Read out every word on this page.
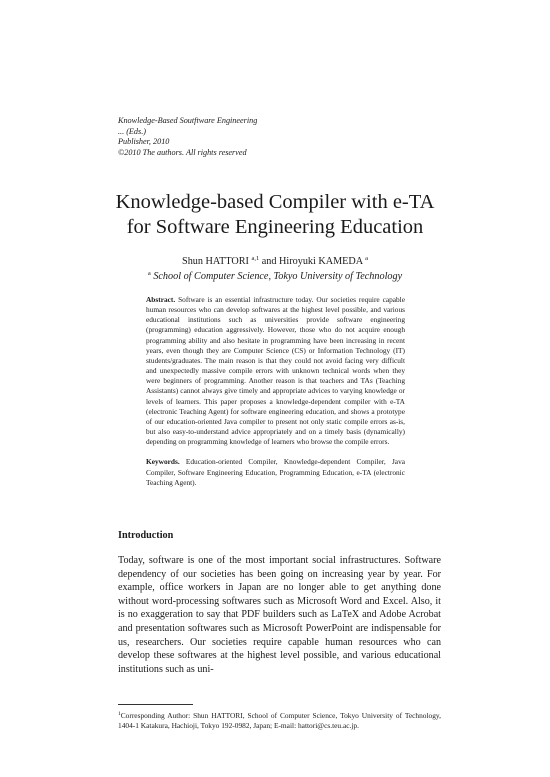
Knowledge-Based Soutftware Engineering
... (Eds.)
Publisher, 2010
©2010 The authors. All rights reserved
Knowledge-based Compiler with e-TA
for Software Engineering Education
Shun HATTORI $^{a,1}$ and Hiroyuki KAMEDA $^a$
$^a$ School of Computer Science, Tokyo University of Technology

Abstract. Software is an essential infrastructure today. Our societies require capable human resources who can develop softwares at the highest level possible, and various educational institutions such as universities provide software engineering (programming) education aggressively. However, those who do not acquire enough programming ability and also hesitate in programming have been increasing in recent years, even though they are Computer Science (CS) or Information Technology (IT) students/graduates. The main reason is that they could not avoid facing very difficult and unexpectedly massive compile errors with unknown technical words when they were beginners of programming. Another reason is that teachers and TAs (Teaching Assistants) cannot always give timely and appropriate advices to varying knowledge or levels of learners. This paper proposes a knowledge-dependent compiler with e-TA (electronic Teaching Agent) for software engineering education, and shows a prototype of our education-oriented Java compiler to present not only static compile errors as-is, but also easy-to-understand advice appropriately and on a timely basis (dynamically) depending on programming knowledge of learners who browse the compile errors.

Keywords. Education-oriented Compiler, Knowledge-dependent Compiler, Java Compiler, Software Engineering Education, Programming Education, e-TA (electronic Teaching Agent).

Introduction

Today, software is one of the most important social infrastructures. Software dependency of our societies has been going on increasing year by year. For example, office workers in Japan are no longer able to get anything done without word-processing softwares such as Microsoft Word and Excel. Also, it is no exaggeration to say that PDF builders such as LaTeX and Adobe Acrobat and presentation softwares such as Microsoft PowerPoint are indispensable for us, researchers. Our societies require capable human resources who can develop these softwares at the highest level possible, and various educational institutions such as uni-

$^1$Corresponding Author: Shun HATTORI, School of Computer Science, Tokyo University of Technology, 1404-1 Katakura, Hachioji, Tokyo 192-0982, Japan; E-mail: hattori@cs.teu.ac.jp.
